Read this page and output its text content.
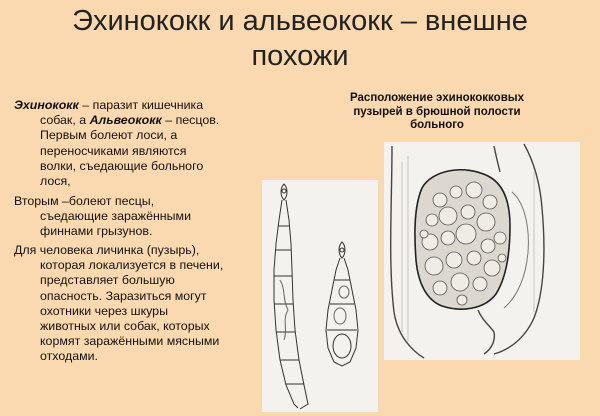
Эхинококк и альвеококк – внешне
похожи
Эхинококк – паразит кишечника
собак, а Альвеококк – песцов.
Первым болеют лоси, а
переносчиками являются
волки, съедающие больного
лося,
Вторым –болеют песцы,
съедающие заражёнными
финнами грызунов.
Для человека личинка (пузырь),
которая локализуется в печени,
представляет большую
опасность. Заразиться могут
охотники через шкуры
животных или собак, которых
кормят заражёнными мясными
отходами.
Расположение эхинококковых
пузырей в брюшной полости
больного
